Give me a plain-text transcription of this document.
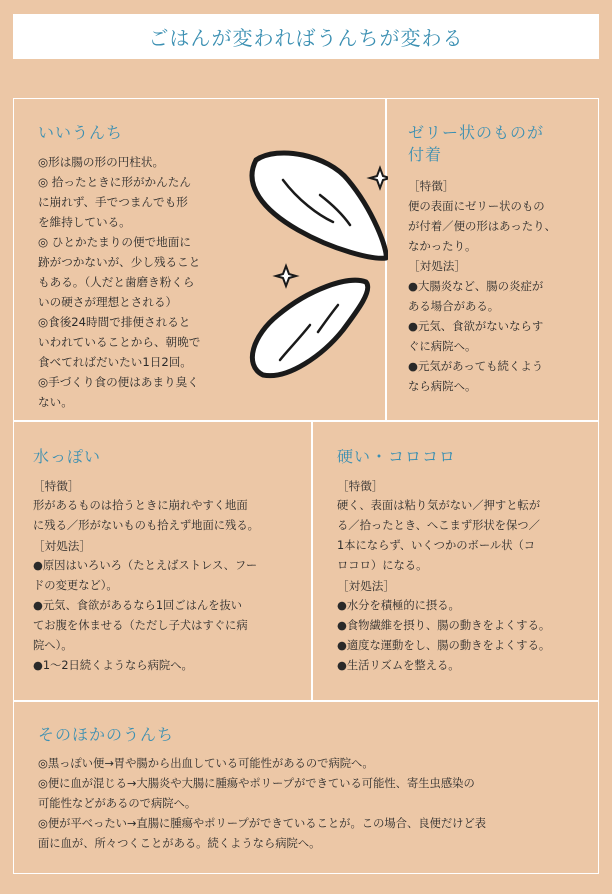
ごはんが変わればうんちが変わる
いいうんち

◎形は腸の形の円柱状。

◎ 拾ったときに形がかんたん

に崩れず、手でつまんでも形

を維持している。

◎ ひとかたまりの便で地面に

跡がつかないが、少し残ること

もある。（人だと歯磨き粉くら

いの硬さが理想とされる）

◎食後24時間で排便されると

いわれていることから、朝晩で

食べてればだいたい1日2回。

◎手づくり食の便はあまり臭く

ない。

ゼリー状のものが
付着

［特徴］

便の表面にゼリー状のもの

が付着／便の形はあったり、

なかったり。

［対処法］

●大腸炎など、腸の炎症が

ある場合がある。

●元気、食欲がないならす

ぐに病院へ。

●元気があっても続くよう

なら病院へ。

水っぽい

［特徴］

形があるものは拾うときに崩れやすく地面

に残る／形がないものも拾えず地面に残る。

［対処法］

●原因はいろいろ（たとえばストレス、フー

ドの変更など）。

●元気、食欲があるなら1回ごはんを抜い

てお腹を休ませる（ただし子犬はすぐに病

院へ）。

●1～2日続くようなら病院へ。

硬い・コロコロ

［特徴］

硬く、表面は粘り気がない／押すと転が

る／拾ったとき、へこまず形状を保つ／

1本にならず、いくつかのボール状（コ

ロコロ）になる。

［対処法］

●水分を積極的に摂る。

●食物繊維を摂り、腸の動きをよくする。

●適度な運動をし、腸の動きをよくする。

●生活リズムを整える。

そのほかのうんち

◎黒っぽい便→胃や腸から出血している可能性があるので病院へ。

◎便に血が混じる→大腸炎や大腸に腫瘍やポリープができている可能性、寄生虫感染の

可能性などがあるので病院へ。

◎便が平べったい→直腸に腫瘍やポリープができていることが。この場合、良便だけど表

面に血が、所々つくことがある。続くようなら病院へ。
